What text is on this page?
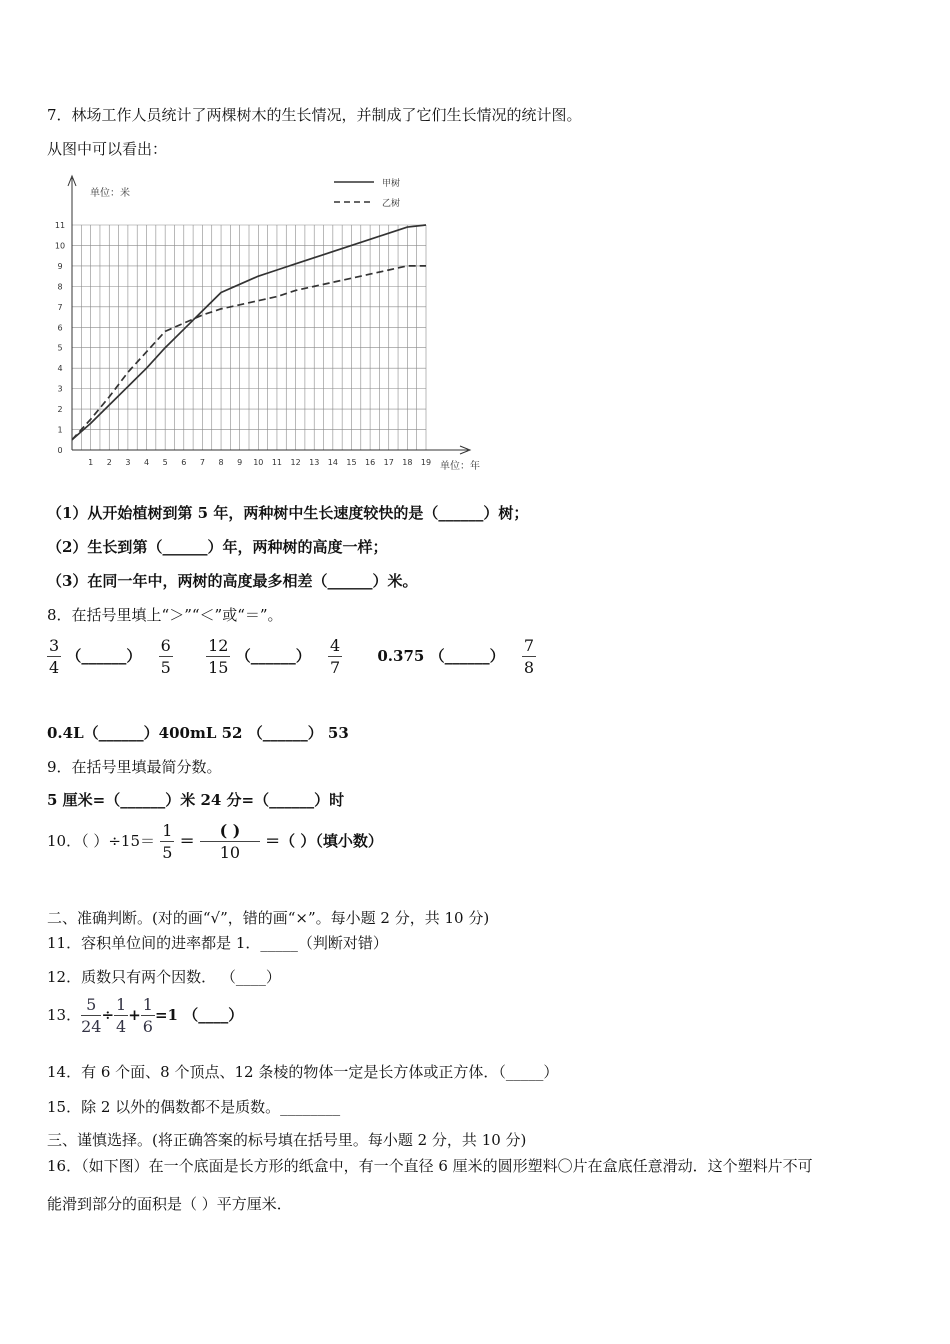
7．林场工作人员统计了两棵树木的生长情况，并制成了它们生长情况的统计图。
从图中可以看出：
0
1
2
3
4
5
6
7
8
9
10
11
1 2 3 4 5 6 7 8 9 10 11 12 13 14 15 16 17 18 19
单位：米
单位：年
甲树
乙树
（1）从开始植树到第 5 年，两种树中生长速度较快的是（______）树；
（2）生长到第（______）年，两种树的高度一样；
（3）在同一年中，两树的高度最多相差（______）米。
8．在括号里填上“＞”“＜”或“＝”。
$\frac{3}{4}$ （______） $\frac{6}{5}$
$\frac{12}{15}$ （______） $\frac{4}{7} 0.375$ （______） $\frac{7}{8}$
0.4L（______）400mL 52 （______） 53
9．在括号里填最简分数。
5 厘米=（______）米 24 分=（______）时
10．（ ）$\div 15= \frac{1}{5} = \frac{( )}{10}$ ＝（ ）（填小数）
二、准确判断。(对的画“√”，错的画“×”。每小题 2 分，共 10 分)
11．容积单位间的进率都是 1．_____（判断对错）
12．质数只有两个因数． （____）
13． $\frac{5}{24} \div \frac{1}{4} + \frac{1}{6} =1$ （____）
14．有 6 个面、8 个顶点、12 条棱的物体一定是长方体或正方体．（_____）
15．除 2 以外的偶数都不是质数。________
三、谨慎选择。(将正确答案的标号填在括号里。每小题 2 分，共 10 分)
16．（如下图）在一个底面是长方形的纸盒中，有一个直径 6 厘米的圆形塑料〇片在盒底任意滑动．这个塑料片不可
能滑到部分的面积是（ ）平方厘米．
